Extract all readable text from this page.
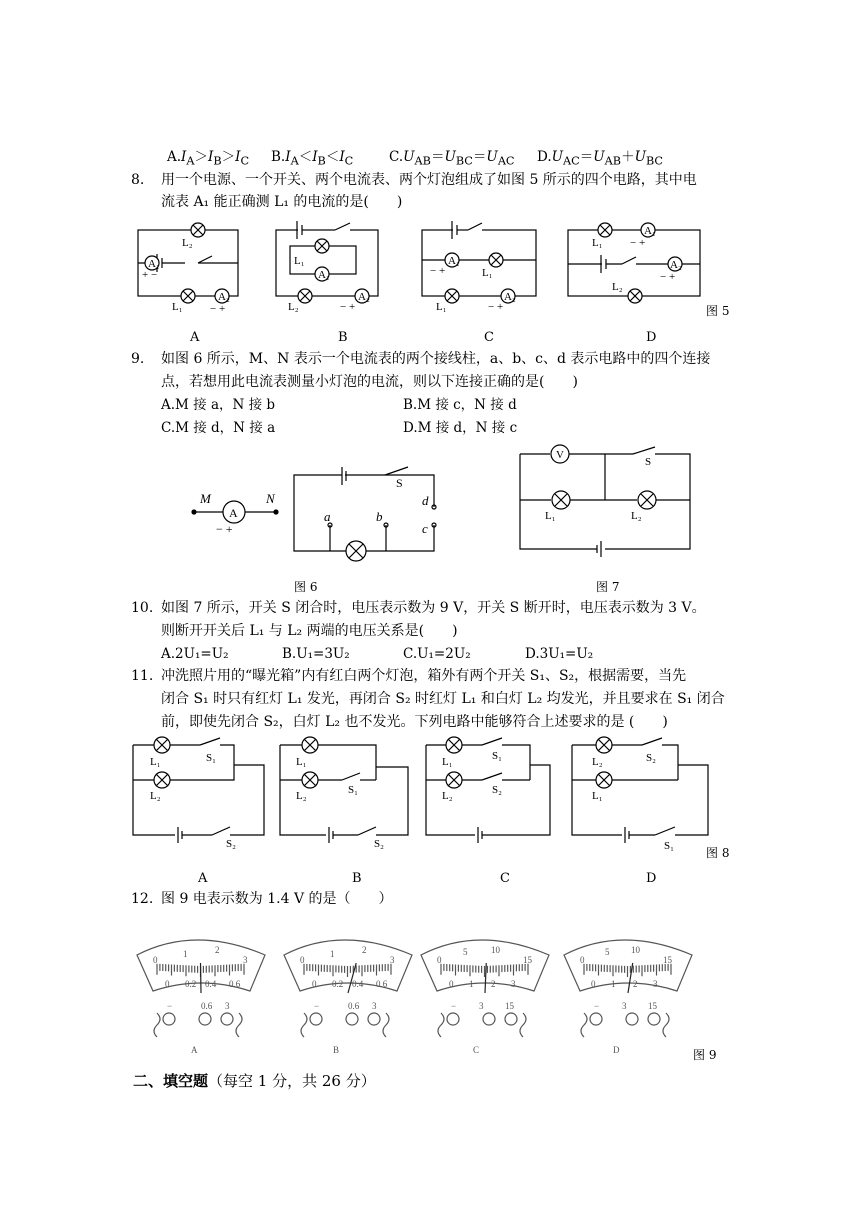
$A.I_A>I_B>I_C$ $B.I_A<I_B<I_C$	$C.U_{AB}=U_{BC}=U_{AC}$ $D.U_{AC}=U_{AB}+U_{BC}$
8. 用一个电源、一个开关、两个电流表、两个灯泡组成了如图 5 所示的四个电路，其中电
流表 A₁ 能正确测 L₁ 的电流的是(　　)
L₂
A₁
+ −
L₁
A₂
− +
L₁
A₁
L₂
A₂
− +
A₁
− +	L₁
L₁
A₂
− +
L₁
A₁
− +
A₂
− +
L₂
图 5
A	B	C	D
9. 如图 6 所示，M、N 表示一个电流表的两个接线柱，a、b、c、d 表示电路中的四个连接
点，若想用此电流表测量小灯泡的电流，则以下连接正确的是(　　)
A.M 接 a，N 接 b	B.M 接 c，N 接 d
C.M 接 d，N 接 a	D.M 接 d，N 接 c
M	N
a	b
d
c
A
− +
S
图 6
V
S
L₁	L₂
图 7
10. 如图 7 所示，开关 S 闭合时，电压表示数为 9 V，开关 S 断开时，电压表示数为 3 V。
则断开开关后 L₁ 与 L₂ 两端的电压关系是(　　)
A.2U₁=U₂	B.U₁=3U₂	C.U₁=2U₂	D.3U₁=U₂
11. 冲洗照片用的“曝光箱”内有红白两个灯泡，箱外有两个开关 S₁、S₂，根据需要，当先
闭合 S₁ 时只有红灯 L₁ 发光，再闭合 S₂ 时红灯 L₁ 和白灯 L₂ 均发光，并且要求在 S₁ 闭合
前，即使先闭合 S₂，白灯 L₂ 也不发光。下列电路中能够符合上述要求的是 (　　)
L₁	S₁
L₂
S₂
L₁
L₂	S₁
S₂
L₁	S₁
L₂	S₂
L₂	S₂
L₁
S₁	图 8
A	B	C	D
12. 图 9 电表示数为 1.4 V 的是（　　）
0
1	2
3
0 0.2 0.4 0.6
0
1	2
3
0 0.2 0.4 0.6
0
5	10
15
0 1 2 3
0
5 10
15
0 1 2 3
−	0.6 3	−	0.6 3	−	3 15	−	3 15
A	B	C	D	图 9
二、填空题（每空 1 分，共 26 分）
